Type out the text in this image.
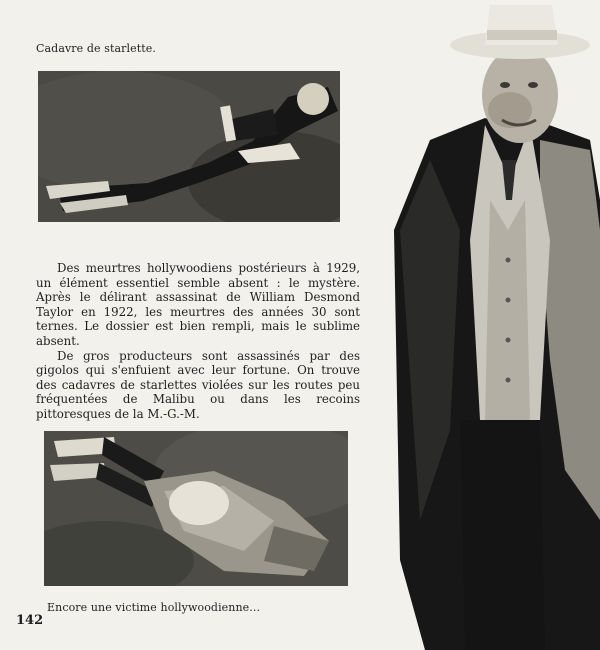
Cadavre de starlette.

Des meurtres hollywoodiens postérieurs à 1929, un élément essentiel semble absent : le mystère. Après le délirant assassinat de William Desmond Taylor en 1922, les meurtres des années 30 sont ternes. Le dossier est bien rempli, mais le sublime absent.

De gros producteurs sont assassinés par des gigolos qui s'enfuient avec leur fortune. On trouve des cadavres de starlettes violées sur les routes peu fréquentées de Malibu ou dans les recoins pittoresques de la M.-G.-M.

Encore une victime hollywoodienne...
142
